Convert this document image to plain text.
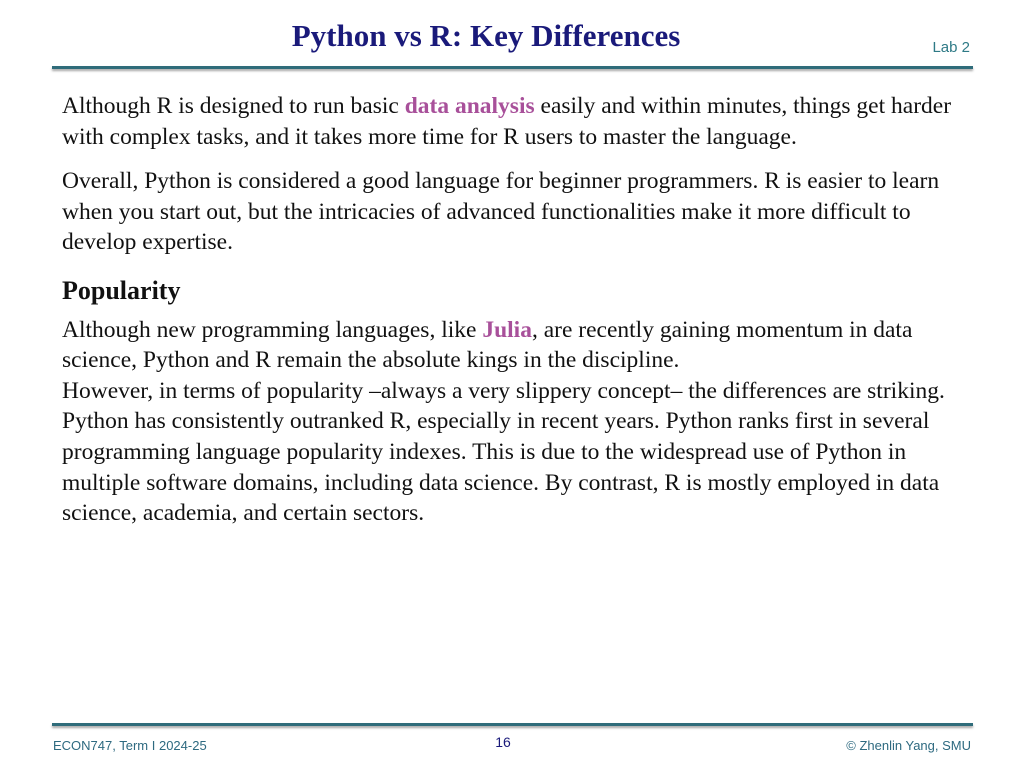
Python vs R: Key Differences	Lab 2

Although R is designed to run basic data analysis easily and within minutes, things get harder with complex tasks, and it takes more time for R users to master the language.

Overall, Python is considered a good language for beginner programmers. R is easier to learn when you start out, but the intricacies of advanced functionalities make it more difficult to develop expertise.

Popularity

Although new programming languages, like Julia, are recently gaining momentum in data science, Python and R remain the absolute kings in the discipline.
However, in terms of popularity –always a very slippery concept– the differences are striking. Python has consistently outranked R, especially in recent years. Python ranks first in several programming language popularity indexes. This is due to the widespread use of Python in multiple software domains, including data science. By contrast, R is mostly employed in data science, academia, and certain sectors.

ECON747, Term I 2024-25	16	© Zhenlin Yang, SMU
